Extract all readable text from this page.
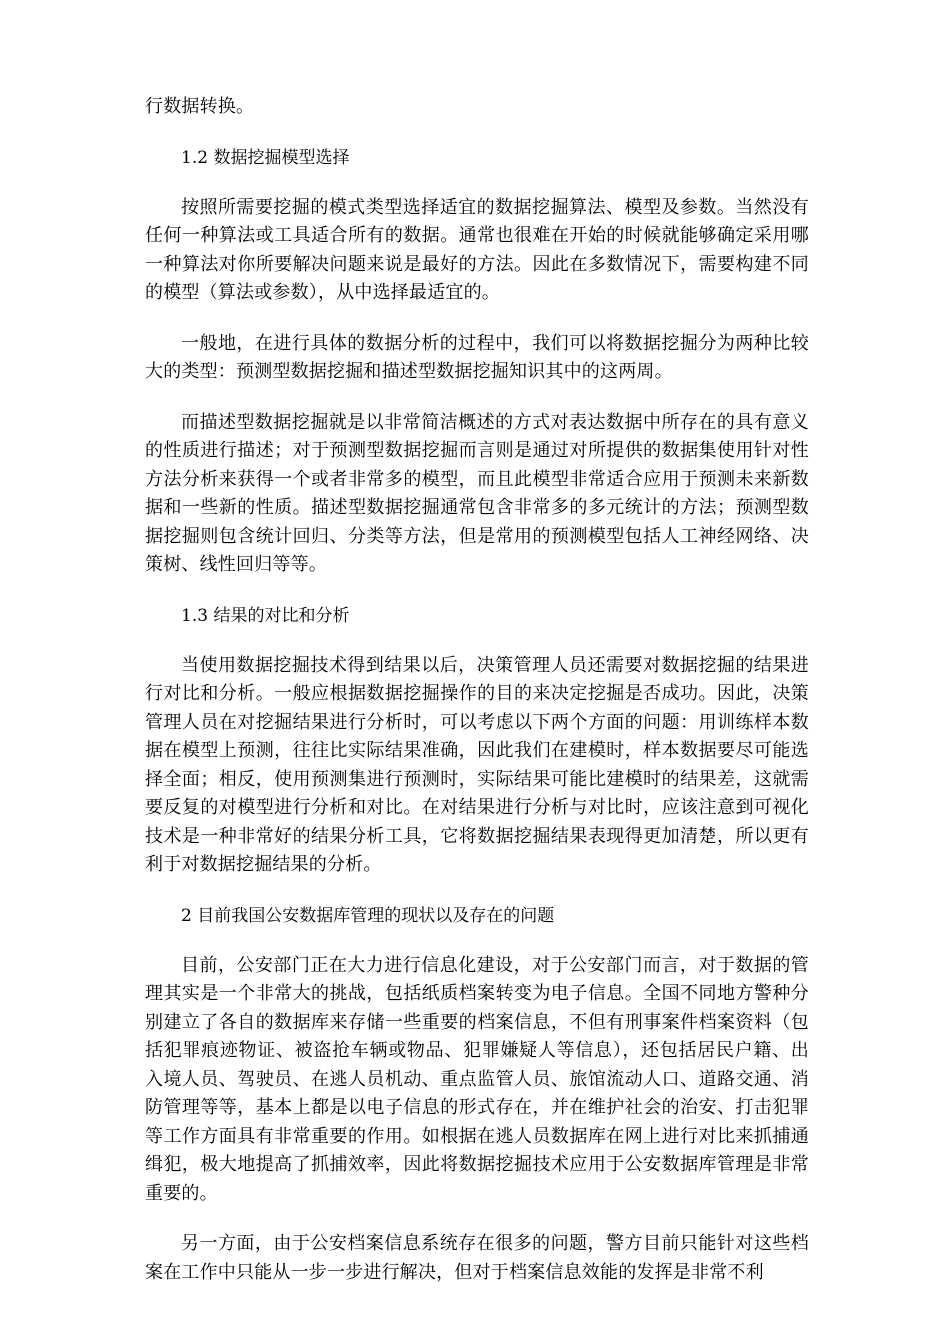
行数据转换。

1.2 数据挖掘模型选择

按照所需要挖掘的模式类型选择适宜的数据挖掘算法、模型及参数。当然没有任何一种算法或工具适合所有的数据。通常也很难在开始的时候就能够确定采用哪一种算法对你所要解决问题来说是最好的方法。因此在多数情况下，需要构建不同的模型（算法或参数），从中选择最适宜的。

一般地，在进行具体的数据分析的过程中，我们可以将数据挖掘分为两种比较大的类型：预测型数据挖掘和描述型数据挖掘知识其中的这两周。

而描述型数据挖掘就是以非常简洁概述的方式对表达数据中所存在的具有意义的性质进行描述；对于预测型数据挖掘而言则是通过对所提供的数据集使用针对性方法分析来获得一个或者非常多的模型，而且此模型非常适合应用于预测未来新数据和一些新的性质。描述型数据挖掘通常包含非常多的多元统计的方法；预测型数据挖掘则包含统计回归、分类等方法，但是常用的预测模型包括人工神经网络、决策树、线性回归等等。

1.3 结果的对比和分析

当使用数据挖掘技术得到结果以后，决策管理人员还需要对数据挖掘的结果进行对比和分析。一般应根据数据挖掘操作的目的来决定挖掘是否成功。因此，决策管理人员在对挖掘结果进行分析时，可以考虑以下两个方面的问题：用训练样本数据在模型上预测，往往比实际结果准确，因此我们在建模时，样本数据要尽可能选择全面；相反，使用预测集进行预测时，实际结果可能比建模时的结果差，这就需要反复的对模型进行分析和对比。在对结果进行分析与对比时，应该注意到可视化技术是一种非常好的结果分析工具，它将数据挖掘结果表现得更加清楚，所以更有利于对数据挖掘结果的分析。

2 目前我国公安数据库管理的现状以及存在的问题

目前，公安部门正在大力进行信息化建设，对于公安部门而言，对于数据的管理其实是一个非常大的挑战，包括纸质档案转变为电子信息。全国不同地方警种分别建立了各自的数据库来存储一些重要的档案信息，不但有刑事案件档案资料（包括犯罪痕迹物证、被盗抢车辆或物品、犯罪嫌疑人等信息），还包括居民户籍、出入境人员、驾驶员、在逃人员机动、重点监管人员、旅馆流动人口、道路交通、消防管理等等，基本上都是以电子信息的形式存在，并在维护社会的治安、打击犯罪等工作方面具有非常重要的作用。如根据在逃人员数据库在网上进行对比来抓捕通缉犯，极大地提高了抓捕效率，因此将数据挖掘技术应用于公安数据库管理是非常重要的。

另一方面，由于公安档案信息系统存在很多的问题，警方目前只能针对这些档案在工作中只能从一步一步进行解决，但对于档案信息效能的发挥是非常不利
